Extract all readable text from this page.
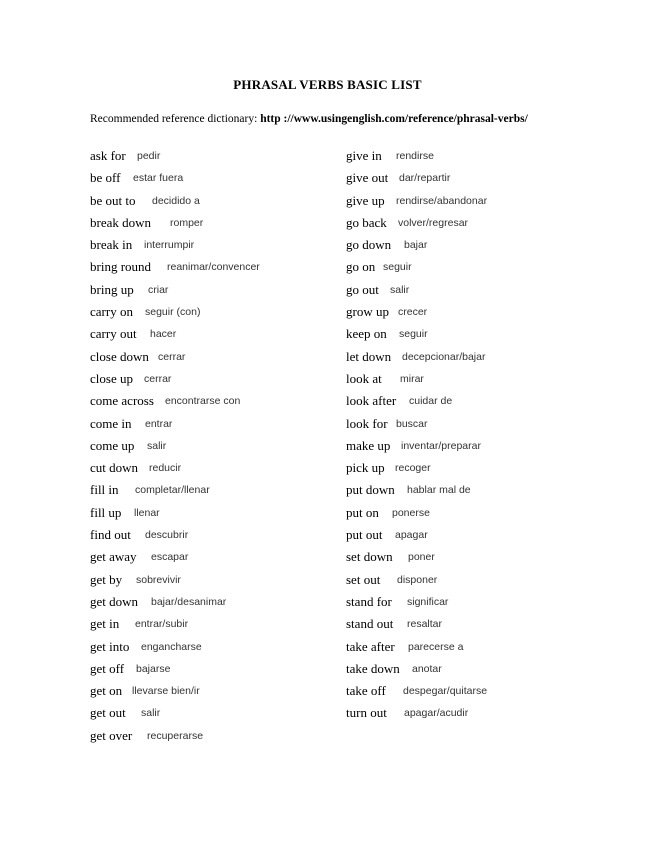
PHRASAL VERBS BASIC LIST
Recommended reference dictionary: http ://www.usingenglish.com/reference/phrasal-verbs/
ask for pedir
be off estar fuera
be out to decidido a
break down romper
break in interrumpir
bring round reanimar/convencer
bring up criar
carry on seguir (con)
carry out hacer
close down cerrar
close up cerrar
come across encontrarse con
come in entrar
come up salir
cut down reducir
fill in completar/llenar
fill up llenar
find out descubrir
get away escapar
get by sobrevivir
get down bajar/desanimar
get in entrar/subir
get into engancharse
get off bajarse
get on llevarse bien/ir
get out salir
get over recuperarse
give in rendirse
give out dar/repartir
give up rendirse/abandonar
go back volver/regresar
go down bajar
go on seguir
go out salir
grow up crecer
keep on seguir
let down decepcionar/bajar
look at mirar
look after cuidar de
look for buscar
make up inventar/preparar
pick up recoger
put down hablar mal de
put on ponerse
put out apagar
set down poner
set out disponer
stand for significar
stand out resaltar
take after parecerse a
take down anotar
take off despegar/quitarse
turn out apagar/acudir
